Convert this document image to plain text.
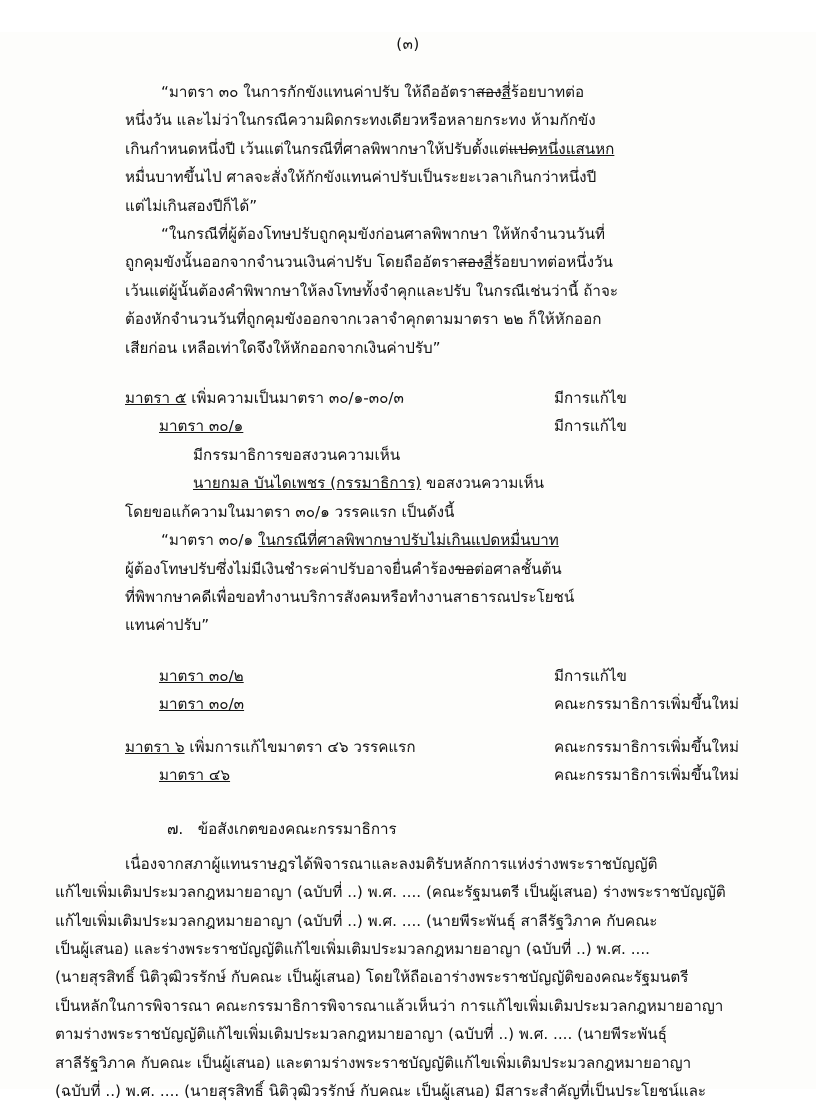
(๓)

“มาตรา ๓๐ ในการกักขังแทนค่าปรับ ให้ถืออัตราสองสี่ร้อยบาทต่อ

หนึ่งวัน และไม่ว่าในกรณีความผิดกระทงเดียวหรือหลายกระทง ห้ามกักขัง

เกินกำหนดหนึ่งปี เว้นแต่ในกรณีที่ศาลพิพากษาให้ปรับตั้งแต่แปดหนึ่งแสนหก

หมื่นบาทขึ้นไป ศาลจะสั่งให้กักขังแทนค่าปรับเป็นระยะเวลาเกินกว่าหนึ่งปี

แต่ไม่เกินสองปีก็ได้”

“ในกรณีที่ผู้ต้องโทษปรับถูกคุมขังก่อนศาลพิพากษา ให้หักจำนวนวันที่

ถูกคุมขังนั้นออกจากจำนวนเงินค่าปรับ โดยถืออัตราสองสี่ร้อยบาทต่อหนึ่งวัน

เว้นแต่ผู้นั้นต้องคำพิพากษาให้ลงโทษทั้งจำคุกและปรับ ในกรณีเช่นว่านี้ ถ้าจะ

ต้องหักจำนวนวันที่ถูกคุมขังออกจากเวลาจำคุกตามมาตรา ๒๒ ก็ให้หักออก

เสียก่อน เหลือเท่าใดจึงให้หักออกจากเงินค่าปรับ”

มาตรา ๕ เพิ่มความเป็นมาตรา ๓๐/๑-๓๐/๓	มีการแก้ไข
มาตรา ๓๐/๑	มีการแก้ไข

มีกรรมาธิการขอสงวนความเห็น

นายกมล บันไดเพชร (กรรมาธิการ) ขอสงวนความเห็น

โดยขอแก้ความในมาตรา ๓๐/๑ วรรคแรก เป็นดังนี้

“มาตรา ๓๐/๑ ในกรณีที่ศาลพิพากษาปรับไม่เกินแปดหมื่นบาท

ผู้ต้องโทษปรับซึ่งไม่มีเงินชำระค่าปรับอาจยื่นคำร้องขอต่อศาลชั้นต้น

ที่พิพากษาคดีเพื่อขอทำงานบริการสังคมหรือทำงานสาธารณประโยชน์

แทนค่าปรับ”

มาตรา ๓๐/๒	มีการแก้ไข
มาตรา ๓๐/๓	คณะกรรมาธิการเพิ่มขึ้นใหม่
มาตรา ๖ เพิ่มการแก้ไขมาตรา ๔๖ วรรคแรก	คณะกรรมาธิการเพิ่มขึ้นใหม่
มาตรา ๔๖	คณะกรรมาธิการเพิ่มขึ้นใหม่
๗. ข้อสังเกตของคณะกรรมาธิการ

เนื่องจากสภาผู้แทนราษฎรได้พิจารณาและลงมติรับหลักการแห่งร่างพระราชบัญญัติ

แก้ไขเพิ่มเติมประมวลกฎหมายอาญา (ฉบับที่ ..) พ.ศ. .... (คณะรัฐมนตรี เป็นผู้เสนอ) ร่างพระราชบัญญัติ

แก้ไขเพิ่มเติมประมวลกฎหมายอาญา (ฉบับที่ ..) พ.ศ. .... (นายพีระพันธุ์ สาลีรัฐวิภาค กับคณะ

เป็นผู้เสนอ) และร่างพระราชบัญญัติแก้ไขเพิ่มเติมประมวลกฎหมายอาญา (ฉบับที่ ..) พ.ศ. ....

(นายสุรสิทธิ์ นิติวุฒิวรรักษ์ กับคณะ เป็นผู้เสนอ) โดยให้ถือเอาร่างพระราชบัญญัติของคณะรัฐมนตรี

เป็นหลักในการพิจารณา คณะกรรมาธิการพิจารณาแล้วเห็นว่า การแก้ไขเพิ่มเติมประมวลกฎหมายอาญา

ตามร่างพระราชบัญญัติแก้ไขเพิ่มเติมประมวลกฎหมายอาญา (ฉบับที่ ..) พ.ศ. .... (นายพีระพันธุ์

สาลีรัฐวิภาค กับคณะ เป็นผู้เสนอ) และตามร่างพระราชบัญญัติแก้ไขเพิ่มเติมประมวลกฎหมายอาญา

(ฉบับที่ ..) พ.ศ. .... (นายสุรสิทธิ์ นิติวุฒิวรรักษ์ กับคณะ เป็นผู้เสนอ) มีสาระสำคัญที่เป็นประโยชน์และ
